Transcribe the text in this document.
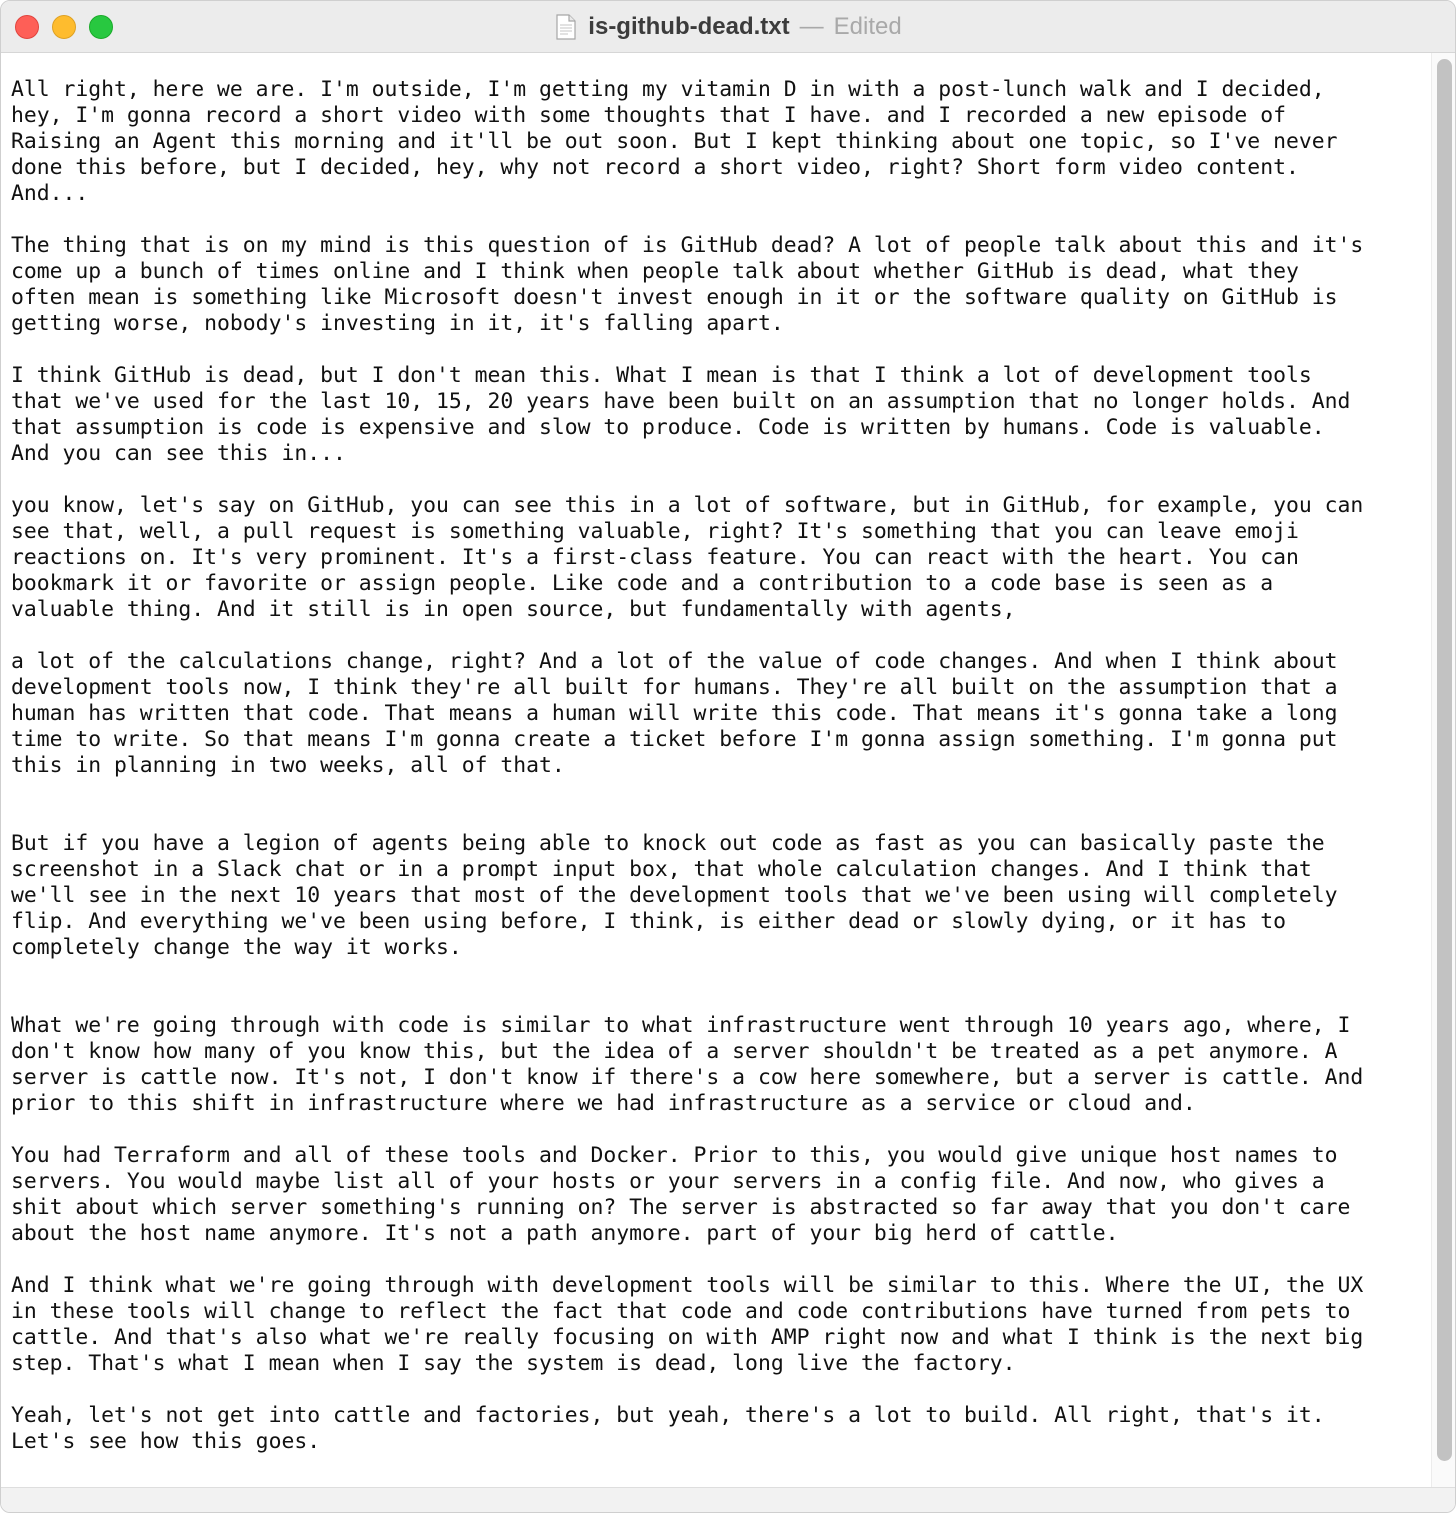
is-github-dead.txt — Edited
All right, here we are. I'm outside, I'm getting my vitamin D in with a post-lunch walk and I decided,
hey, I'm gonna record a short video with some thoughts that I have. and I recorded a new episode of
Raising an Agent this morning and it'll be out soon. But I kept thinking about one topic, so I've never
done this before, but I decided, hey, why not record a short video, right? Short form video content.
And...

The thing that is on my mind is this question of is GitHub dead? A lot of people talk about this and it's
come up a bunch of times online and I think when people talk about whether GitHub is dead, what they
often mean is something like Microsoft doesn't invest enough in it or the software quality on GitHub is
getting worse, nobody's investing in it, it's falling apart.

I think GitHub is dead, but I don't mean this. What I mean is that I think a lot of development tools
that we've used for the last 10, 15, 20 years have been built on an assumption that no longer holds. And
that assumption is code is expensive and slow to produce. Code is written by humans. Code is valuable.
And you can see this in...

you know, let's say on GitHub, you can see this in a lot of software, but in GitHub, for example, you can
see that, well, a pull request is something valuable, right? It's something that you can leave emoji
reactions on. It's very prominent. It's a first-class feature. You can react with the heart. You can
bookmark it or favorite or assign people. Like code and a contribution to a code base is seen as a
valuable thing. And it still is in open source, but fundamentally with agents,

a lot of the calculations change, right? And a lot of the value of code changes. And when I think about
development tools now, I think they're all built for humans. They're all built on the assumption that a
human has written that code. That means a human will write this code. That means it's gonna take a long
time to write. So that means I'm gonna create a ticket before I'm gonna assign something. I'm gonna put
this in planning in two weeks, all of that.

But if you have a legion of agents being able to knock out code as fast as you can basically paste the
screenshot in a Slack chat or in a prompt input box, that whole calculation changes. And I think that
we'll see in the next 10 years that most of the development tools that we've been using will completely
flip. And everything we've been using before, I think, is either dead or slowly dying, or it has to
completely change the way it works.

What we're going through with code is similar to what infrastructure went through 10 years ago, where, I
don't know how many of you know this, but the idea of a server shouldn't be treated as a pet anymore. A
server is cattle now. It's not, I don't know if there's a cow here somewhere, but a server is cattle. And
prior to this shift in infrastructure where we had infrastructure as a service or cloud and.

You had Terraform and all of these tools and Docker. Prior to this, you would give unique host names to
servers. You would maybe list all of your hosts or your servers in a config file. And now, who gives a
shit about which server something's running on? The server is abstracted so far away that you don't care
about the host name anymore. It's not a path anymore. part of your big herd of cattle.

And I think what we're going through with development tools will be similar to this. Where the UI, the UX
in these tools will change to reflect the fact that code and code contributions have turned from pets to
cattle. And that's also what we're really focusing on with AMP right now and what I think is the next big
step. That's what I mean when I say the system is dead, long live the factory.

Yeah, let's not get into cattle and factories, but yeah, there's a lot to build. All right, that's it.
Let's see how this goes.
